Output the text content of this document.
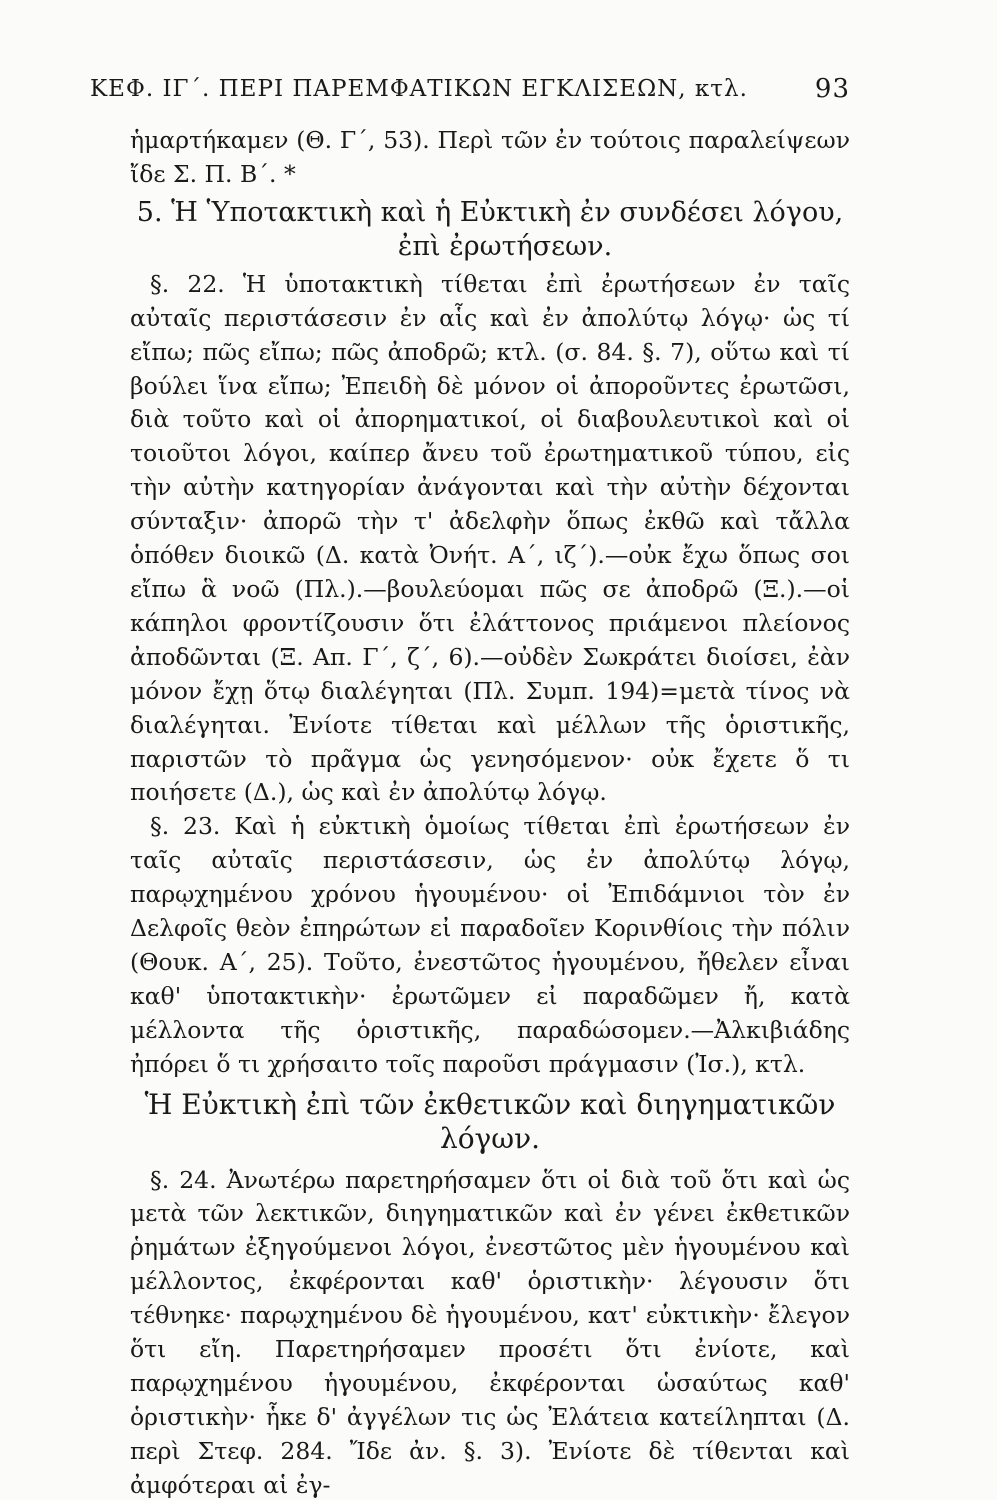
ΚΕΦ. ΙΓ΄. ΠΕΡΙ ΠΑΡΕΜΦΑΤΙΚΩΝ ΕΓΚΛΙΣΕΩΝ, κτλ.	93

ἡμαρτήκαμεν (Θ. Γ΄, 53). Περὶ τῶν ἐν τούτοις παραλείψεων ἴδε Σ. Π. Β΄. *

5. Ἡ Ὑποτακτικὴ καὶ ἡ Εὐκτικὴ ἐν συνδέσει λόγου,
ἐπὶ ἐρωτήσεων.

§. 22. Ἡ ὑποτακτικὴ τίθεται ἐπὶ ἐρωτήσεων ἐν ταῖς αὐταῖς περιστάσεσιν ἐν αἷς καὶ ἐν ἀπολύτῳ λόγῳ· ὡς τί εἴπω; πῶς εἴπω; πῶς ἀποδρῶ; κτλ. (σ. 84. §. 7), οὕτω καὶ τί βούλει ἵνα εἴπω; Ἐπειδὴ δὲ μόνον οἱ ἀποροῦντες ἐρωτῶσι, διὰ τοῦτο καὶ οἱ ἀπορηματικοί, οἱ διαβουλευτικοὶ καὶ οἱ τοιοῦτοι λόγοι, καίπερ ἄνευ τοῦ ἐρωτηματικοῦ τύπου, εἰς τὴν αὐτὴν κατηγορίαν ἀνάγονται καὶ τὴν αὐτὴν δέχονται σύνταξιν· ἀπορῶ τὴν τ' ἀδελφὴν ὅπως ἐκθῶ καὶ τἄλλα ὁπόθεν διοικῶ (Δ. κατὰ Ὀνήτ. Α΄, ιζ΄).—οὐκ ἔχω ὅπως σοι εἴπω ἃ νοῶ (Πλ.).—βουλεύομαι πῶς σε ἀποδρῶ (Ξ.).—οἱ κάπηλοι φροντίζουσιν ὅτι ἐλάττονος πριάμενοι πλείονος ἀποδῶνται (Ξ. Απ. Γ΄, ζ΄, 6).—οὐδὲν Σωκράτει διοίσει, ἐὰν μόνον ἔχῃ ὅτῳ διαλέγηται (Πλ. Συμπ. 194)=μετὰ τίνος νὰ διαλέγηται. Ἐνίοτε τίθεται καὶ μέλλων τῆς ὁριστικῆς, παριστῶν τὸ πρᾶγμα ὡς γενησόμενον· οὐκ ἔχετε ὅ τι ποιήσετε (Δ.), ὡς καὶ ἐν ἀπολύτῳ λόγῳ.

§. 23. Καὶ ἡ εὐκτικὴ ὁμοίως τίθεται ἐπὶ ἐρωτήσεων ἐν ταῖς αὐταῖς περιστάσεσιν, ὡς ἐν ἀπολύτῳ λόγῳ, παρῳχημένου χρόνου ἡγουμένου· οἱ Ἐπιδάμνιοι τὸν ἐν Δελφοῖς θεὸν ἐπηρώτων εἰ παραδοῖεν Κορινθίοις τὴν πόλιν (Θουκ. Α΄, 25). Τοῦτο, ἐνεστῶτος ἡγουμένου, ἤθελεν εἶναι καθ' ὑποτακτικὴν· ἐρωτῶμεν εἰ παραδῶμεν ἤ, κατὰ μέλλοντα τῆς ὁριστικῆς, παραδώσομεν.—Ἀλκιβιάδης ἠπόρει ὅ τι χρήσαιτο τοῖς παροῦσι πράγμασιν (Ἰσ.), κτλ.

Ἡ Εὐκτικὴ ἐπὶ τῶν ἐκθετικῶν καὶ διηγηματικῶν λόγων.

§. 24. Ἀνωτέρω παρετηρήσαμεν ὅτι οἱ διὰ τοῦ ὅτι καὶ ὡς μετὰ τῶν λεκτικῶν, διηγηματικῶν καὶ ἐν γένει ἐκθετικῶν ῥημάτων ἐξηγούμενοι λόγοι, ἐνεστῶτος μὲν ἡγουμένου καὶ μέλλοντος, ἐκφέρονται καθ' ὁριστικὴν· λέγουσιν ὅτι τέθνηκε· παρῳχημένου δὲ ἡγουμένου, κατ' εὐκτικὴν· ἔλεγον ὅτι εἴη. Παρετηρήσαμεν προσέτι ὅτι ἐνίοτε, καὶ παρῳχημένου ἡγουμένου, ἐκφέρονται ὡσαύτως καθ' ὁριστικὴν· ἧκε δ' ἀγγέλων τις ὡς Ἐλάτεια κατείληπται (Δ. περὶ Στεφ. 284. Ἴδε ἀν. §. 3). Ἐνίοτε δὲ τίθενται καὶ ἀμφότεραι αἱ ἐγ-
